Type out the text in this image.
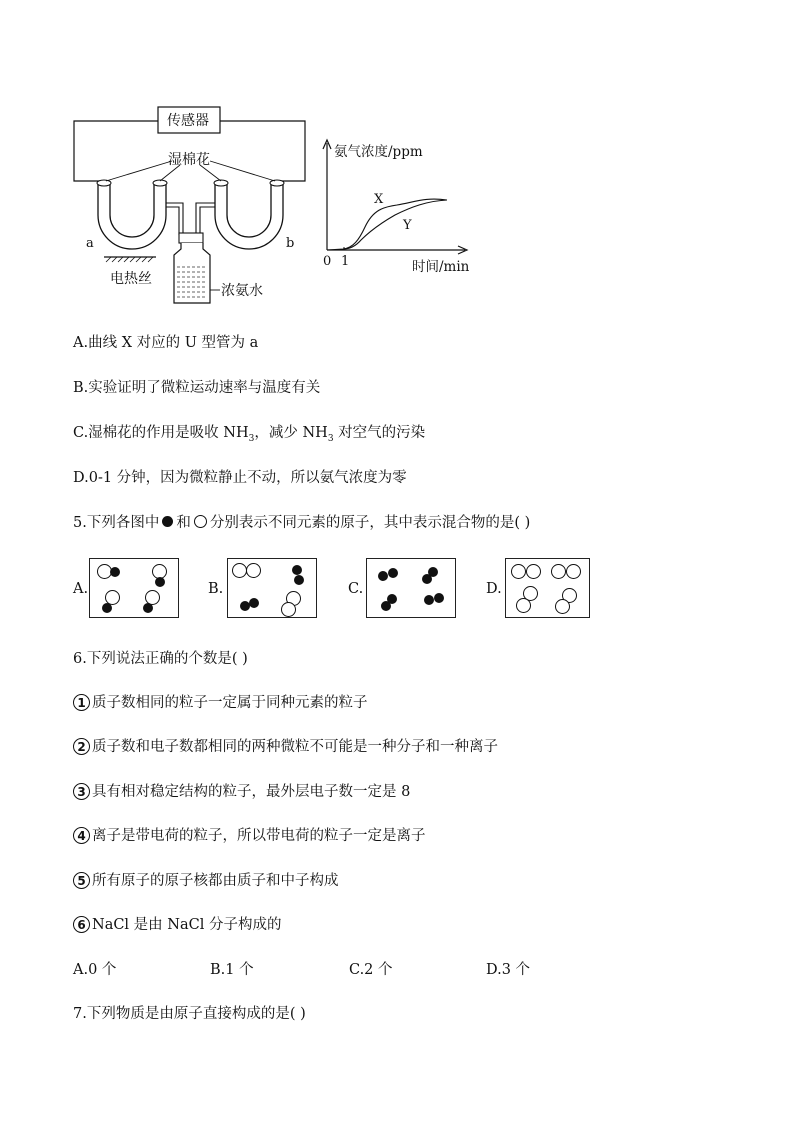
传感器
湿棉花
a	b
电热丝
浓氨水
氨气浓度/ppm
时间/min
X
Y
0 1
A.曲线 X 对应的 U 型管为 a
B.实验证明了微粒运动速率与温度有关
C.湿棉花的作用是吸收 $NH_3$，减少 $NH_3$ 对空气的污染
D.0-1 分钟，因为微粒静止不动，所以氨气浓度为零
5.下列各图中 和 分别表示不同元素的原子，其中表示混合物的是( )
A.	B.	C.	D.
6.下列说法正确的个数是( )
1 质子数相同的粒子一定属于同种元素的粒子
2 质子数和电子数都相同的两种微粒不可能是一种分子和一种离子
3 具有相对稳定结构的粒子，最外层电子数一定是 8
4 离子是带电荷的粒子，所以带电荷的粒子一定是离子
5 所有原子的原子核都由质子和中子构成
6 NaCl 是由 NaCl 分子构成的
A.0 个	B.1 个	C.2 个	D.3 个
7.下列物质是由原子直接构成的是( )
